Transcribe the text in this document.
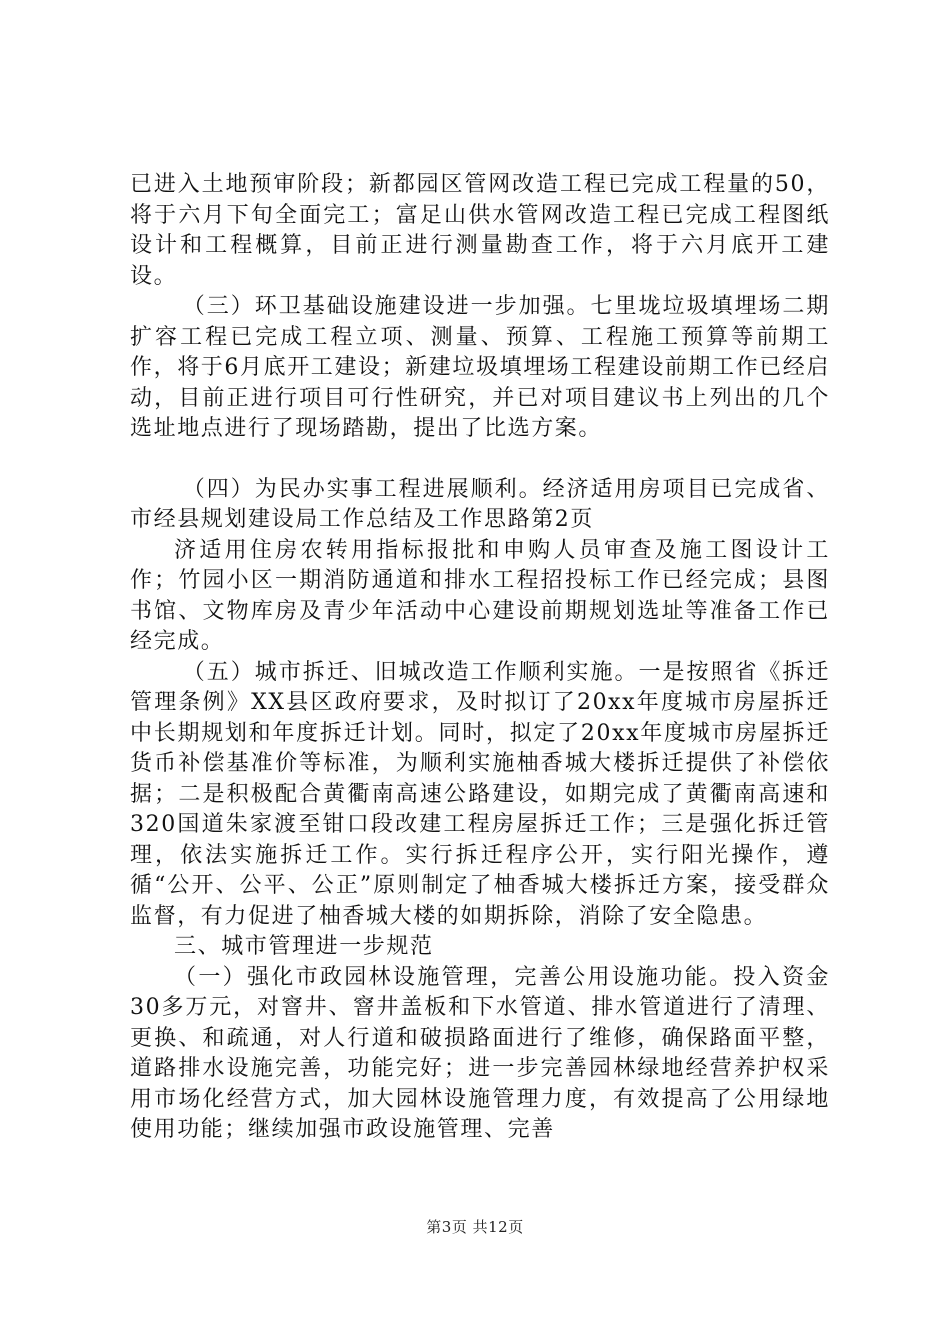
已进入土地预审阶段；新都园区管网改造工程已完成工程量的50，将于六月下旬全面完工；富足山供水管网改造工程已完成工程图纸设计和工程概算，目前正进行测量勘查工作，将于六月底开工建设。

（三）环卫基础设施建设进一步加强。七里垅垃圾填埋场二期扩容工程已完成工程立项、测量、预算、工程施工预算等前期工作，将于6月底开工建设；新建垃圾填埋场工程建设前期工作已经启动，目前正进行项目可行性研究，并已对项目建议书上列出的几个选址地点进行了现场踏勘，提出了比选方案。

（四）为民办实事工程进展顺利。经济适用房项目已完成省、市经县规划建设局工作总结及工作思路第2页

济适用住房农转用指标报批和申购人员审查及施工图设计工作；竹园小区一期消防通道和排水工程招投标工作已经完成；县图书馆、文物库房及青少年活动中心建设前期规划选址等准备工作已经完成。

（五）城市拆迁、旧城改造工作顺利实施。一是按照省《拆迁管理条例》XX县区政府要求，及时拟订了20xx年度城市房屋拆迁中长期规划和年度拆迁计划。同时，拟定了20xx年度城市房屋拆迁货币补偿基准价等标准，为顺利实施柚香城大楼拆迁提供了补偿依据；二是积极配合黄衢南高速公路建设，如期完成了黄衢南高速和320国道朱家渡至钳口段改建工程房屋拆迁工作；三是强化拆迁管理，依法实施拆迁工作。实行拆迁程序公开，实行阳光操作，遵循“公开、公平、公正”原则制定了柚香城大楼拆迁方案，接受群众监督，有力促进了柚香城大楼的如期拆除，消除了安全隐患。

三、城市管理进一步规范

（一）强化市政园林设施管理，完善公用设施功能。投入资金30多万元，对窨井、窨井盖板和下水管道、排水管道进行了清理、更换、和疏通，对人行道和破损路面进行了维修，确保路面平整，道路排水设施完善，功能完好；进一步完善园林绿地经营养护权采用市场化经营方式，加大园林设施管理力度，有效提高了公用绿地使用功能；继续加强市政设施管理、完善

第3页 共12页
